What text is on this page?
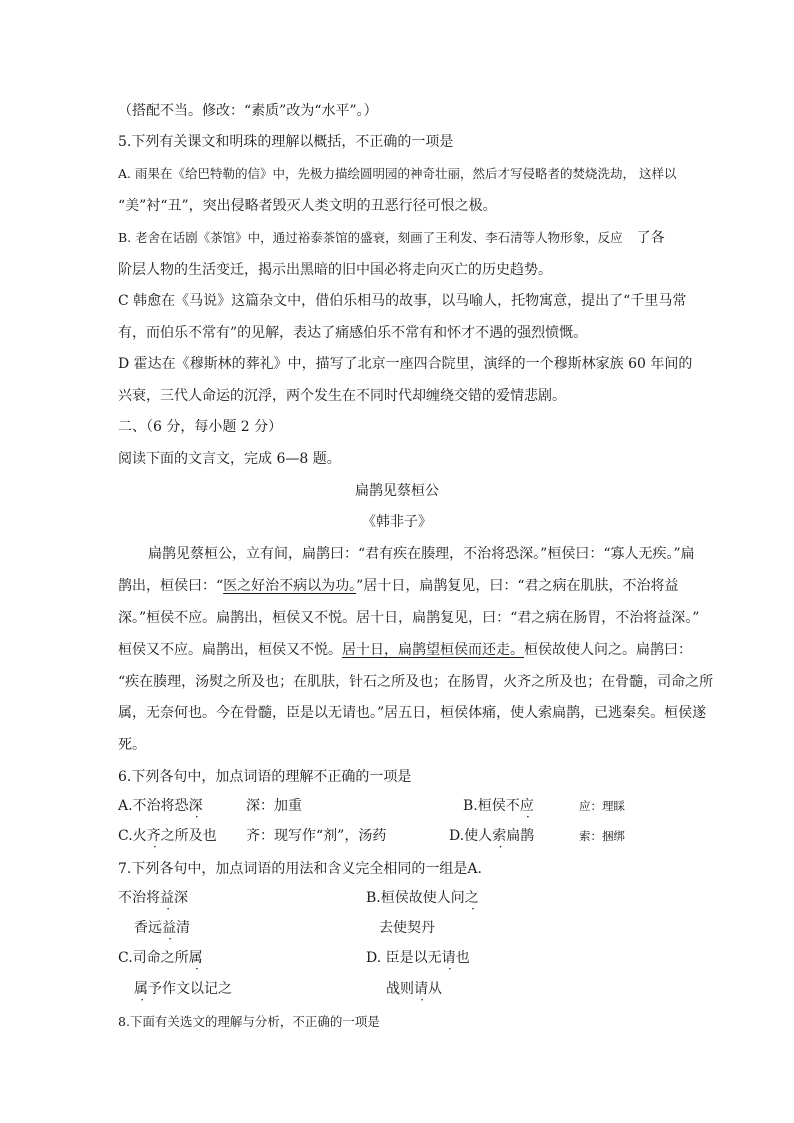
（搭配不当。修改：“素质”改为“水平”。）
5.下列有关课文和明珠的理解以概括，不正确的一项是
A. 雨果在《给巴特勒的信》中，先极力描绘圆明园的神奇壮丽，然后才写侵略者的焚烧洗劫， 这样以
“美”衬“丑”，突出侵略者毁灭人类文明的丑恶行径可恨之极。
B. 老舍在话剧《茶馆》中，通过裕泰茶馆的盛衰，刻画了王利发、李石清等人物形象，反应 了各
阶层人物的生活变迁，揭示出黑暗的旧中国必将走向灭亡的历史趋势。
C 韩愈在《马说》这篇杂文中，借伯乐相马的故事，以马喻人，托物寓意，提出了“千里马常
有，而伯乐不常有”的见解，表达了痛感伯乐不常有和怀才不遇的强烈愤慨。
D 霍达在《穆斯林的葬礼》中，描写了北京一座四合院里，演绎的一个穆斯林家族 60 年间的
兴衰，三代人命运的沉浮，两个发生在不同时代却缠绕交错的爱情悲剧。
二、（6 分，每小题 2 分）
阅读下面的文言文，完成 6—8 题。
扁鹊见蔡桓公
《韩非子》
扁鹊见蔡桓公，立有间，扁鹊曰：“君有疾在腠理，不治将恐深。”桓侯曰：“寡人无疾。”扁
鹊出，桓侯曰：“医之好治不病以为功。”居十日，扁鹊复见，曰：“君之病在肌肤，不治将益
深。”桓侯不应。扁鹊出，桓侯又不悦。居十日，扁鹊复见，曰：“君之病在肠胃，不治将益深。”
桓侯又不应。扁鹊出，桓侯又不悦。居十日，扁鹊望桓侯而还走。桓侯故使人问之。扁鹊曰：
“疾在腠理，汤熨之所及也；在肌肤，针石之所及也；在肠胃，火齐之所及也；在骨髓，司命之所
属，无奈何也。今在骨髓，臣是以无请也。”居五日，桓侯体痛，使人索扁鹊，已逃秦矣。桓侯遂
死。
6.下列各句中，加点词语的理解不正确的一项是
A.不治将恐深	深：加重	B.桓侯不应	应：理睬
C.火齐之所及也 齐：现写作“剂”，汤药	D.使人索扁鹊	索：捆绑
7.下列各句中，加点词语的用法和含义完全相同的一组是A.
不治将益深	B.桓侯故使人问之
香远益清	去使契丹
C.司命之所属	D. 臣是以无请也
属予作文以记之	战则请从
8.下面有关选文的理解与分析，不正确的一项是
